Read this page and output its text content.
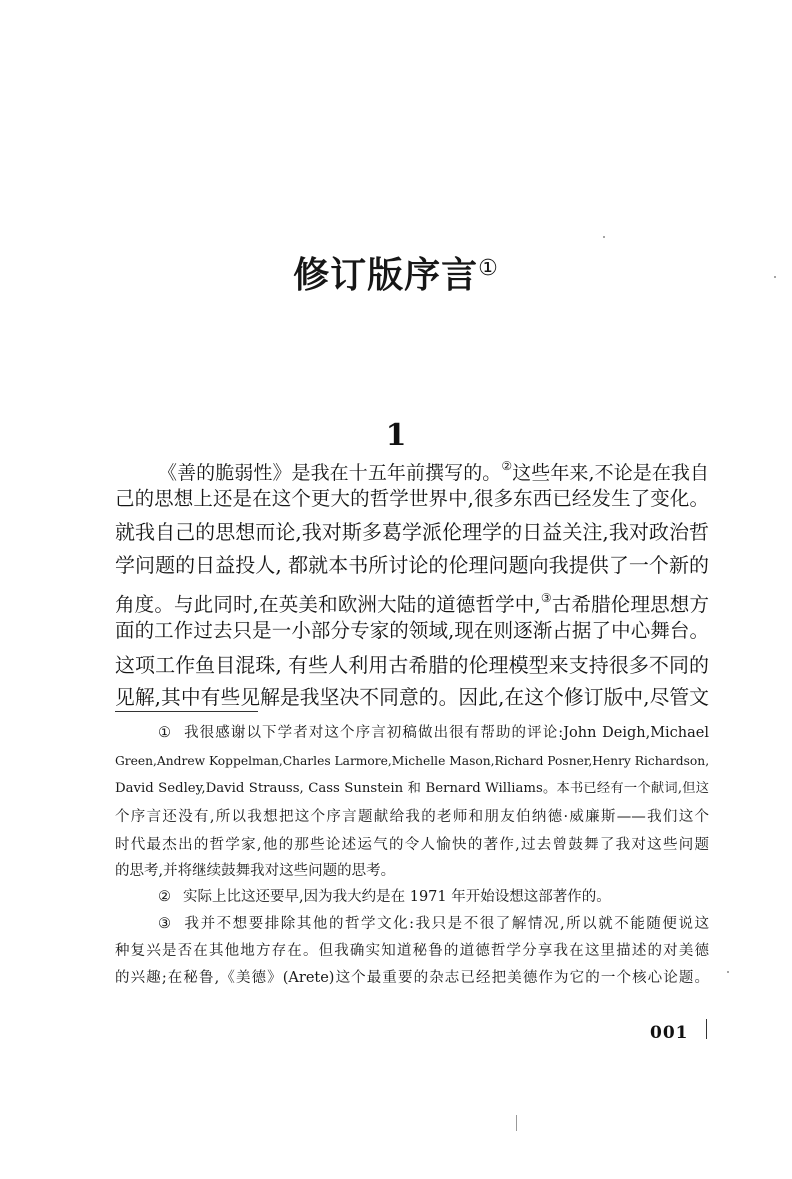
修订版序言①
1
《善的脆弱性》是我在十五年前撰写的。②这些年来,不论是在我自
己的思想上还是在这个更大的哲学世界中,很多东西已经发生了变化。
就我自己的思想而论,我对斯多葛学派伦理学的日益关注,我对政治哲
学问题的日益投人, 都就本书所讨论的伦理问题向我提供了一个新的
角度。与此同时,在英美和欧洲大陆的道德哲学中,③古希腊伦理思想方
面的工作过去只是一小部分专家的领域,现在则逐渐占据了中心舞台。
这项工作鱼目混珠, 有些人利用古希腊的伦理模型来支持很多不同的
见解,其中有些见解是我坚决不同意的。因此,在这个修订版中,尽管文
① 我很感谢以下学者对这个序言初稿做出很有帮助的评论:John Deigh,Michael
Green,Andrew Koppelman,Charles Larmore,Michelle Mason,Richard Posner,Henry Richardson,
David Sedley,David Strauss, Cass Sunstein 和 Bernard Williams。本书已经有一个献词,但这
个序言还没有,所以我想把这个序言题献给我的老师和朋友伯纳德·威廉斯——我们这个
时代最杰出的哲学家,他的那些论述运气的令人愉快的著作,过去曾鼓舞了我对这些问题
的思考,并将继续鼓舞我对这些问题的思考。
② 实际上比这还要早,因为我大约是在 1971 年开始设想这部著作的。
③ 我并不想要排除其他的哲学文化:我只是不很了解情况,所以就不能随便说这
种复兴是否在其他地方存在。但我确实知道秘鲁的道德哲学分享我在这里描述的对美德
的兴趣;在秘鲁,《美德》(Arete)这个最重要的杂志已经把美德作为它的一个核心论题。
001
